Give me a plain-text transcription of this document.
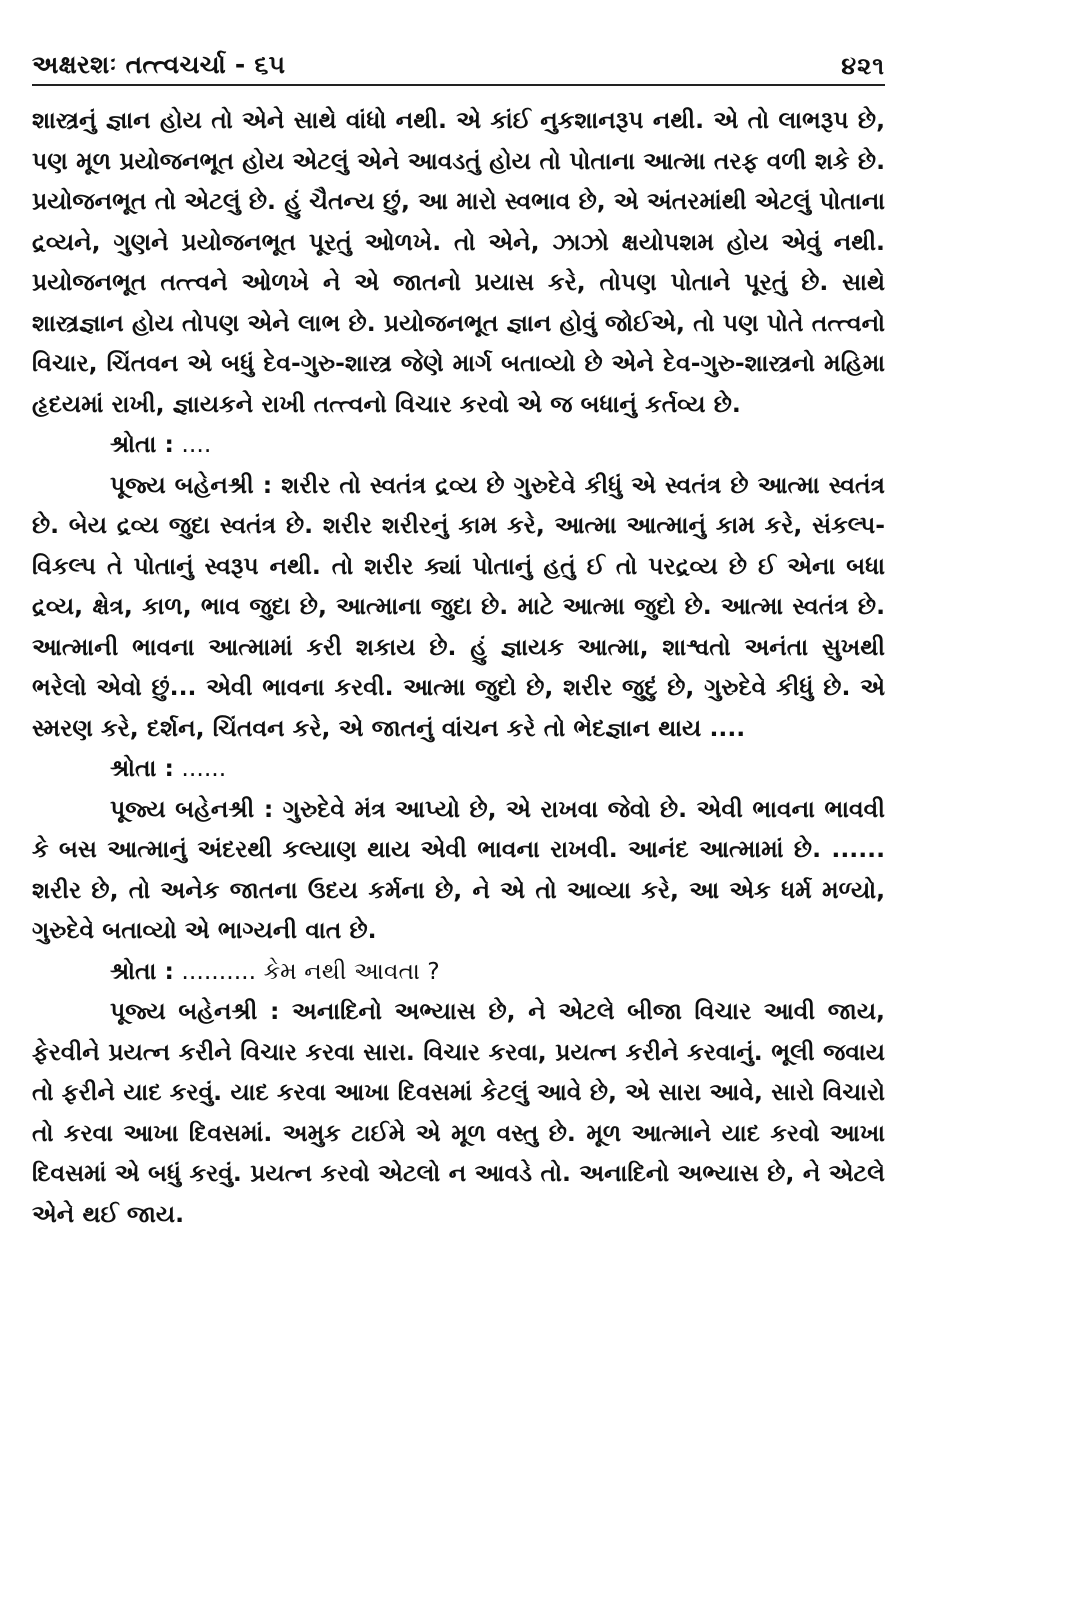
અક્ષરશઃ તત્ત્વચર્ચા - ૬૫	૪૨૧

શાસ્ત્રનું જ્ઞાન હોય તો એને સાથે વાંધો નથી. એ કાંઈ નુકશાનરૂપ નથી. એ તો લાભરૂપ છે, પણ મૂળ પ્રયોજનભૂત હોય એટલું એને આવડતું હોય તો પોતાના આત્મા તરફ વળી શકે છે. પ્રયોજનભૂત તો એટલું છે. હું ચૈતન્ય છું, આ મારો સ્વભાવ છે, એ અંતરમાંથી એટલું પોતાના દ્રવ્યને, ગુણને પ્રયોજનભૂત પૂરતું ઓળખે. તો એને, ઝાઝો ક્ષયોપશમ હોય એવું નથી. પ્રયોજનભૂત તત્ત્વને ઓળખે ને એ જાતનો પ્રયાસ કરે, તોપણ પોતાને પૂરતું છે. સાથે શાસ્ત્રજ્ઞાન હોય તોપણ એને લાભ છે. પ્રયોજનભૂત જ્ઞાન હોવું જોઈએ, તો પણ પોતે તત્ત્વનો વિચાર, ચિંતવન એ બધું દેવ-ગુરુ-શાસ્ત્ર જેણે માર્ગ બતાવ્યો છે એને દેવ-ગુરુ-શાસ્ત્રનો મહિમા હૃદયમાં રાખી, જ્ઞાયકને રાખી તત્ત્વનો વિચાર કરવો એ જ બધાનું કર્તવ્ય છે.

શ્રોતા : ....

પૂજ્ય બહેનશ્રી : શરીર તો સ્વતંત્ર દ્રવ્ય છે ગુરુદેવે કીધું એ સ્વતંત્ર છે આત્મા સ્વતંત્ર છે. બેય દ્રવ્ય જુદા સ્વતંત્ર છે. શરીર શરીરનું કામ કરે, આત્મા આત્માનું કામ કરે, સંકલ્પ-વિકલ્પ તે પોતાનું સ્વરૂપ નથી. તો શરીર ક્યાં પોતાનું હતું ઈ તો પરદ્રવ્ય છે ઈ એના બધા દ્રવ્ય, ક્ષેત્ર, કાળ, ભાવ જુદા છે, આત્માના જુદા છે. માટે આત્મા જુદો છે. આત્મા સ્વતંત્ર છે. આત્માની ભાવના આત્મામાં કરી શકાય છે. હું જ્ઞાયક આત્મા, શાશ્વતો અનંતા સુખથી ભરેલો એવો છું... એવી ભાવના કરવી. આત્મા જુદો છે, શરીર જુદું છે, ગુરુદેવે કીધું છે. એ સ્મરણ કરે, દર્શન, ચિંતવન કરે, એ જાતનું વાંચન કરે તો ભેદજ્ઞાન થાય ....

શ્રોતા : ......

પૂજ્ય બહેનશ્રી : ગુરુદેવે મંત્ર આપ્યો છે, એ રાખવા જેવો છે. એવી ભાવના ભાવવી કે બસ આત્માનું અંદરથી કલ્યાણ થાય એવી ભાવના રાખવી. આનંદ આત્મામાં છે. ...... શરીર છે, તો અનેક જાતના ઉદય કર્મના છે, ને એ તો આવ્યા કરે, આ એક ધર્મ મળ્યો, ગુરુદેવે બતાવ્યો એ ભાગ્યની વાત છે.

શ્રોતા : .......... કેમ નથી આવતા ?

પૂજ્ય બહેનશ્રી : અનાદિનો અભ્યાસ છે, ને એટલે બીજા વિચાર આવી જાય, ફેરવીને પ્રયત્ન કરીને વિચાર કરવા સારા. વિચાર કરવા, પ્રયત્ન કરીને કરવાનું. ભૂલી જવાય તો ફરીને યાદ કરવું. યાદ કરવા આખા દિવસમાં કેટલું આવે છે, એ સારા આવે, સારો વિચારો તો કરવા આખા દિવસમાં. અમુક ટાઈમે એ મૂળ વસ્તુ છે. મૂળ આત્માને યાદ કરવો આખા દિવસમાં એ બધું કરવું. પ્રયત્ન કરવો એટલો ન આવડે તો. અનાદિનો અભ્યાસ છે, ને એટલે એને થઈ જાય.
